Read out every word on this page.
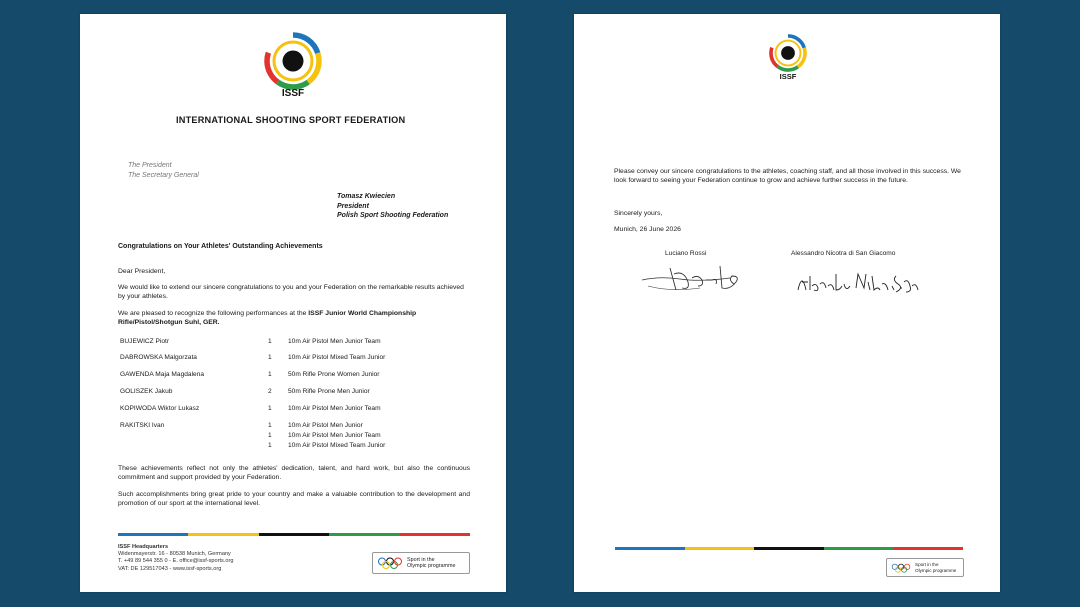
ISSF
INTERNATIONAL SHOOTING SPORT FEDERATION
The President
The Secretary General
Tomasz Kwiecien
President
Polish Sport Shooting Federation
Congratulations on Your Athletes' Outstanding Achievements
Dear President,
We would like to extend our sincere congratulations to you and your Federation on the remarkable results achieved by your athletes.
We are pleased to recognize the following performances at the ISSF Junior World Championship Rifle/Pistol/Shotgun Suhl, GER.
BUJEWICZ Piotr	1 10m Air Pistol Men Junior Team
DABROWSKA Malgorzata	1 10m Air Pistol Mixed Team Junior
GAWENDA Maja Magdalena	1 50m Rifle Prone Women Junior
GOLISZEK Jakub	2 50m Rifle Prone Men Junior
KOPIWODA Wiktor Lukasz	1 10m Air Pistol Men Junior Team
RAKITSKI Ivan	1 10m Air Pistol Men Junior
1 10m Air Pistol Men Junior Team
1 10m Air Pistol Mixed Team Junior
These achievements reflect not only the athletes' dedication, talent, and hard work, but also the continuous commitment and support provided by your Federation.
Such accomplishments bring great pride to your country and make a valuable contribution to the development and promotion of our sport at the international level.
ISSF Headquarters
Widenmayerstr. 16 - 80538 Munich, Germany
T. +49 89 544 355 0 - E. office@issf-sports.org
VAT: DE 129517043 - www.issf-sports.org
Sport in the
Olympic programme
ISSF
Please convey our sincere congratulations to the athletes, coaching staff, and all those involved in this success. We look forward to seeing your Federation continue to grow and achieve further success in the future.
Sincerely yours,
Munich, 26 June 2026
Luciano Rossi	Alessandro Nicotra di San Giacomo
Sport in the
Olympic programme
